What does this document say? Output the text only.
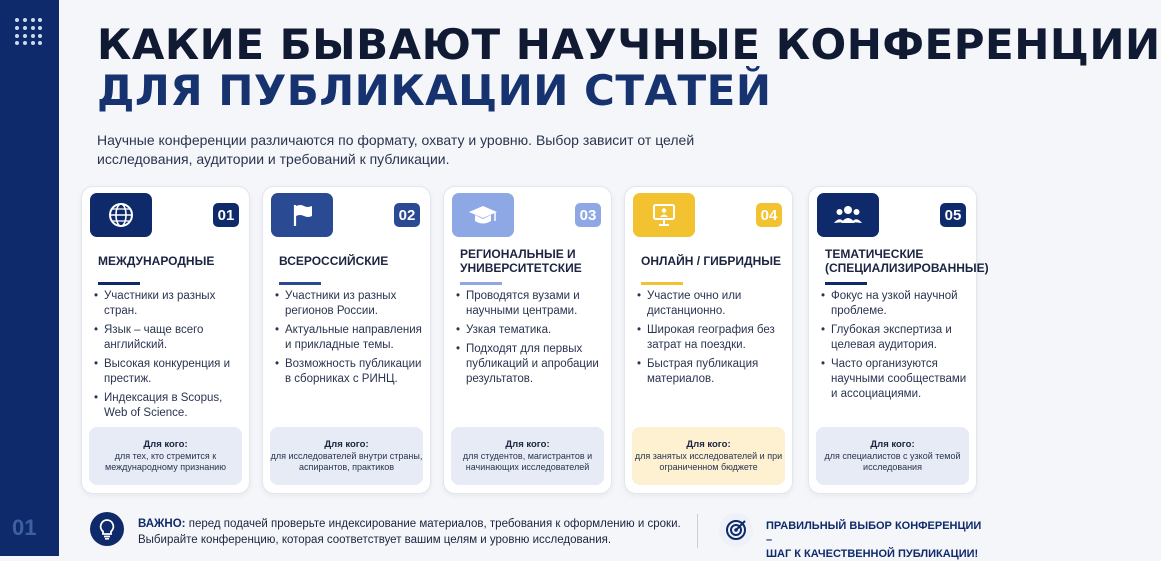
01
КАКИЕ БЫВАЮТ НАУЧНЫЕ КОНФЕРЕНЦИИ
ДЛЯ ПУБЛИКАЦИИ СТАТЕЙ
Научные конференции различаются по формату, охвату и уровню. Выбор зависит от целей исследования, аудитории и требований к публикации.
01
МЕЖДУНАРОДНЫЕ
• Участники из разных стран.
• Язык – чаще всего английский.
• Высокая конкуренция и престиж.
• Индексация в Scopus, Web of Science.
Для кого:
для тех, кто стремится к международному признанию
02
ВСЕРОССИЙСКИЕ
• Участники из разных регионов России.
• Актуальные направления и прикладные темы.
• Возможность публикации в сборниках с РИНЦ.
Для кого:
для исследователей внутри страны, аспирантов, практиков
03
РЕГИОНАЛЬНЫЕ И УНИВЕРСИТЕТСКИЕ
• Проводятся вузами и научными центрами.
• Узкая тематика.
• Подходят для первых публикаций и апробации результатов.
Для кого:
для студентов, магистрантов и начинающих исследователей
04
ОНЛАЙН / ГИБРИДНЫЕ
• Участие очно или дистанционно.
• Широкая география без затрат на поездки.
• Быстрая публикация материалов.
Для кого:
для занятых исследователей и при ограниченном бюджете
05
ТЕМАТИЧЕСКИЕ (СПЕЦИАЛИЗИРОВАННЫЕ)
• Фокус на узкой научной проблеме.
• Глубокая экспертиза и целевая аудитория.
• Часто организуются научными сообществами и ассоциациями.
Для кого:
для специалистов с узкой темой исследования
ВАЖНО: перед подачей проверьте индексирование материалов, требования к оформлению и сроки. Выбирайте конференцию, которая соответствует вашим целям и уровню исследования.
ПРАВИЛЬНЫЙ ВЫБОР КОНФЕРЕНЦИИ –
ШАГ К КАЧЕСТВЕННОЙ ПУБЛИКАЦИИ!
